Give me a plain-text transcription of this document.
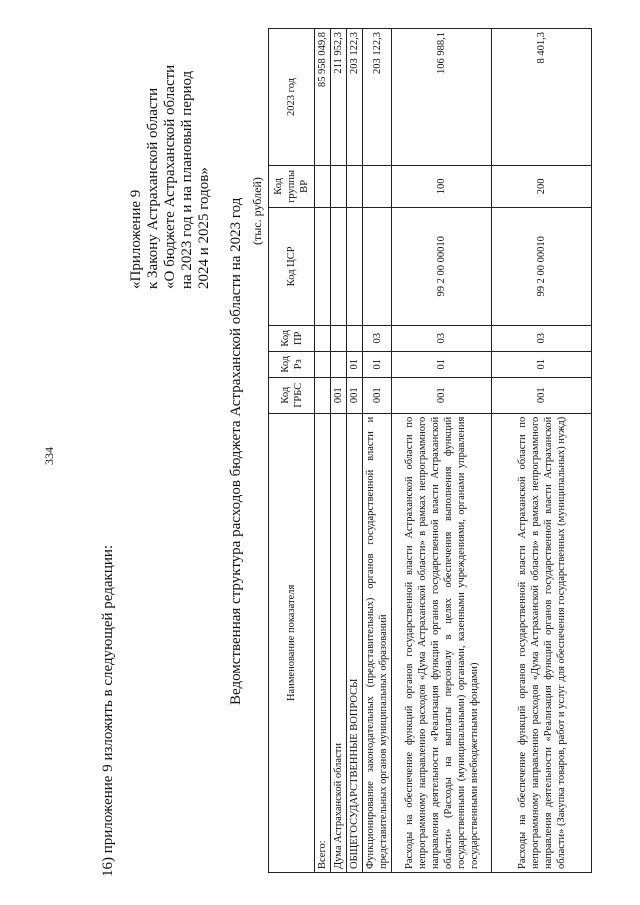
334
16) приложение 9 изложить в следующей редакции:
«Приложение 9 к Закону Астраханской области «О бюджете Астраханской области на 2023 год и на плановый период 2024 и 2025 годов» Ведомственная структура расходов бюджета Астраханской области на 2023 год (тыс. рублей)
Наименование показателя	Код ГРБС	Код Рз	Код ПР	Код ЦСР	Код группы ВР	2023 год
Всего:						85 958 049,8
Дума Астраханской области	001					211 952,3
ОБЩЕГОСУДАРСТВЕННЫЕ ВОПРОСЫ	001	01				203 122,3
Функционирование законодательных (представительных) органов государственной власти и представительных органов муниципальных образований	001	01	03			203 122,3
Расходы на обеспечение функций органов государственной власти Астраханской области по непрограммному направлению расходов «Дума Астраханской области» в рамках непрограммного направления деятельности «Реализация функций органов государственной власти Астраханской области» (Расходы на выплаты персоналу в целях обеспечения выполнения функций государственными (муниципальными) органами, казенными учреждениями, органами управления государственными внебюджетными фондами)	001	01	03	99 2 00 00010	100	106 988,1
Расходы на обеспечение функций органов государственной власти Астраханской области по непрограммному направлению расходов «Дума Астраханской области» в рамках непрограммного направления деятельности «Реализация функций органов государственной власти Астраханской области» (Закупка товаров, работ и услуг для обеспечения государственных (муниципальных) нужд)	001	01	03	99 2 00 00010	200	8 401,3
